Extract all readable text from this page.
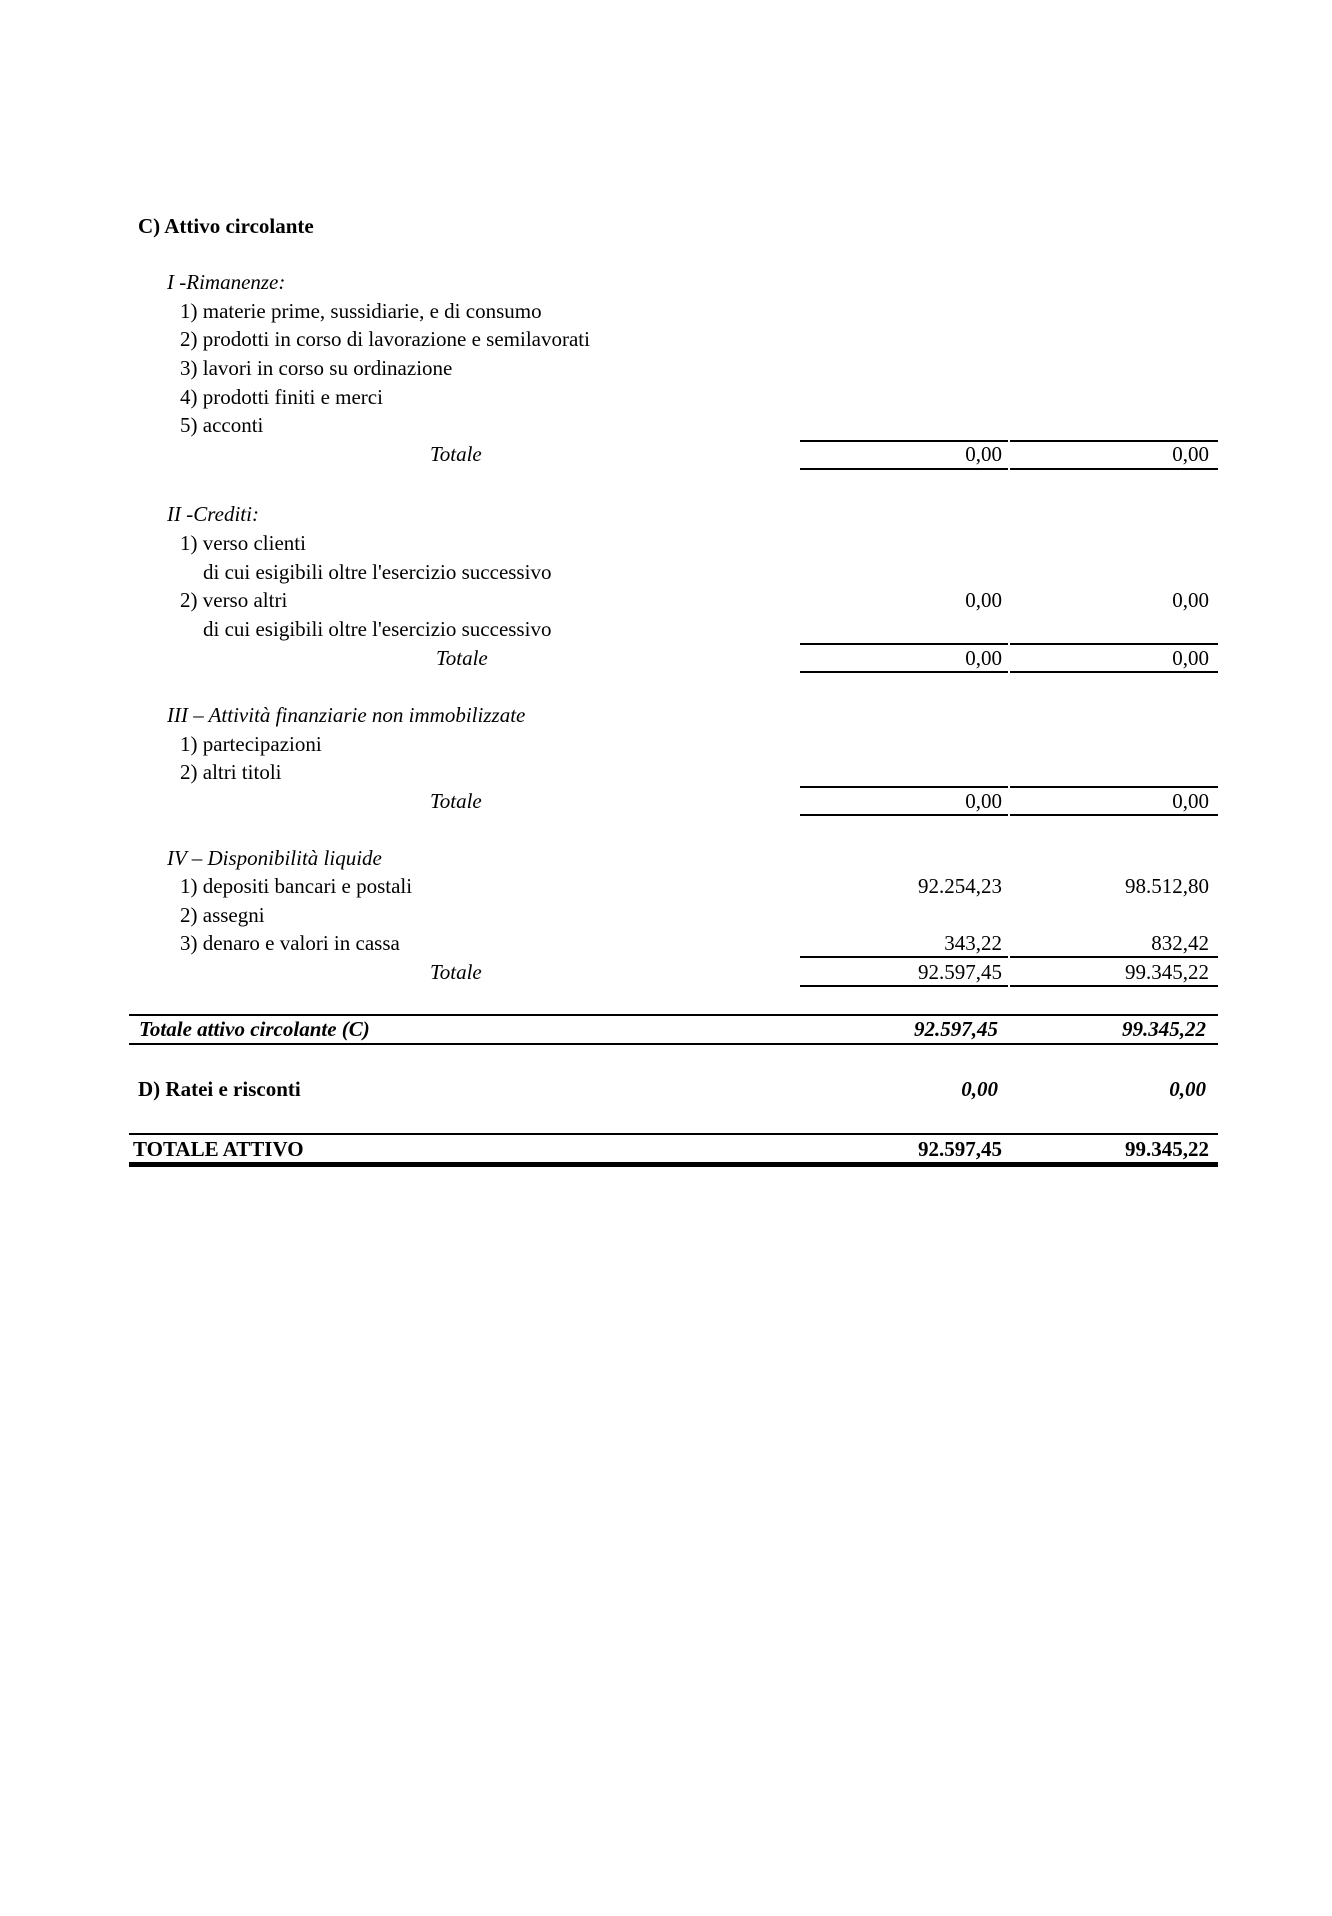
C) Attivo circolante
I -Rimanenze:
1) materie prime, sussidiarie, e di consumo
2) prodotti in corso di lavorazione e semilavorati
3) lavori in corso su ordinazione
4) prodotti finiti e merci
5) acconti
Totale	0,00	0,00
II -Crediti:
1) verso clienti
di cui esigibili oltre l'esercizio successivo
2) verso altri	0,00	0,00
di cui esigibili oltre l'esercizio successivo
Totale	0,00	0,00
III – Attività finanziarie non immobilizzate
1) partecipazioni
2) altri titoli
Totale	0,00	0,00
IV – Disponibilità liquide
1) depositi bancari e postali	92.254,23	98.512,80
2) assegni
3) denaro e valori in cassa	343,22	832,42
Totale	92.597,45	99.345,22
Totale attivo circolante (C)	92.597,45	99.345,22
D) Ratei e risconti	0,00	0,00
TOTALE ATTIVO	92.597,45	99.345,22
